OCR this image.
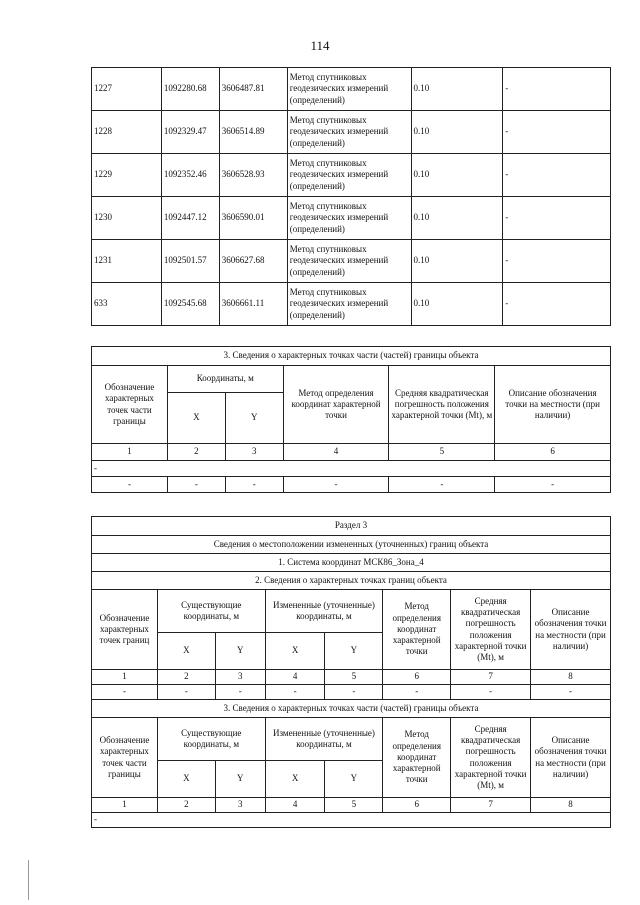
114
1227	1092280.68	3606487.81	Метод спутниковых геодезических измерений (определений)	0.10	-
1228	1092329.47	3606514.89	Метод спутниковых геодезических измерений (определений)	0.10	-
1229	1092352.46	3606528.93	Метод спутниковых геодезических измерений (определений)	0.10	-
1230	1092447.12	3606590.01	Метод спутниковых геодезических измерений (определений)	0.10	-
1231	1092501.57	3606627.68	Метод спутниковых геодезических измерений (определений)	0.10	-
633	1092545.68	3606661.11	Метод спутниковых геодезических измерений (определений)	0.10	-
3. Сведения о характерных точках части (частей) границы объекта					
Обозначение характерных точек части границы	Координаты, м		Метод определения координат характерной точки	Средняя квадратическая погрешность положения характерной точки (Mt), м	Описание обозначения точки на местности (при наличии)
	X	Y			
1	2	3	4	5	6
-					
-	-	-	-	-	-
Раздел 3							
Сведения о местоположении измененных (уточненных) границ объекта							
1. Система координат МСК86_Зона_4							
2. Сведения о характерных точках границ объекта							
Обозначение характерных точек границ	Существующие координаты, м		Измененные (уточненные) координаты, м		Метод определения координат характерной точки	Средняя квадратическая погрешность положения характерной точки (Mt), м	Описание обозначения точки на местности (при наличии)
	X	Y	X	Y			
1	2	3	4	5	6	7	8
-	-	-	-	-	-	-	-
3. Сведения о характерных точках части (частей) границы объекта							
Обозначение характерных точек части границы	Существующие координаты, м		Измененные (уточненные) координаты, м		Метод определения координат характерной точки	Средняя квадратическая погрешность положения характерной точки (Mt), м	Описание обозначения точки на местности (при наличии)
	X	Y	X	Y			
1	2	3	4	5	6	7	8
-							
